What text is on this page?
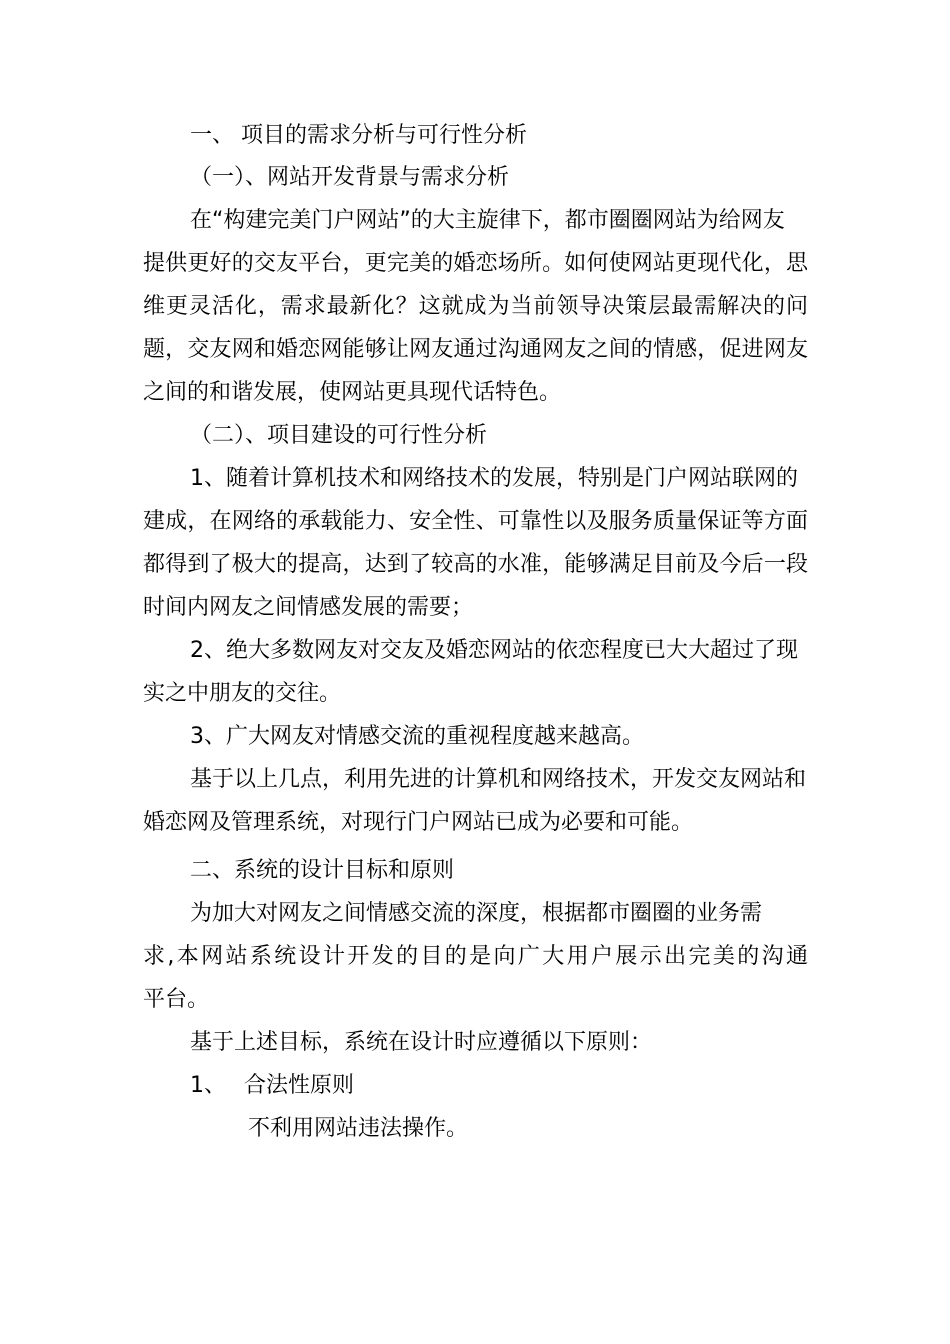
一、 项目的需求分析与可行性分析
（一）、网站开发背景与需求分析
在“构建完美门户网站”的大主旋律下，都市圈圈网站为给网友
提供更好的交友平台，更完美的婚恋场所。如何使网站更现代化，思
维更灵活化，需求最新化？这就成为当前领导决策层最需解决的问
题，交友网和婚恋网能够让网友通过沟通网友之间的情感，促进网友
之间的和谐发展，使网站更具现代话特色。
（二）、项目建设的可行性分析
1、随着计算机技术和网络技术的发展，特别是门户网站联网的
建成，在网络的承载能力、安全性、可靠性以及服务质量保证等方面
都得到了极大的提高，达到了较高的水准，能够满足目前及今后一段
时间内网友之间情感发展的需要；
2、绝大多数网友对交友及婚恋网站的依恋程度已大大超过了现
实之中朋友的交往。
3、广大网友对情感交流的重视程度越来越高。
基于以上几点，利用先进的计算机和网络技术，开发交友网站和
婚恋网及管理系统，对现行门户网站已成为必要和可能。
二、系统的设计目标和原则
为加大对网友之间情感交流的深度，根据都市圈圈的业务需
求,本网站系统设计开发的目的是向广大用户展示出完美的沟通
平台。
基于上述目标，系统在设计时应遵循以下原则：
1、 合法性原则
不利用网站违法操作。
